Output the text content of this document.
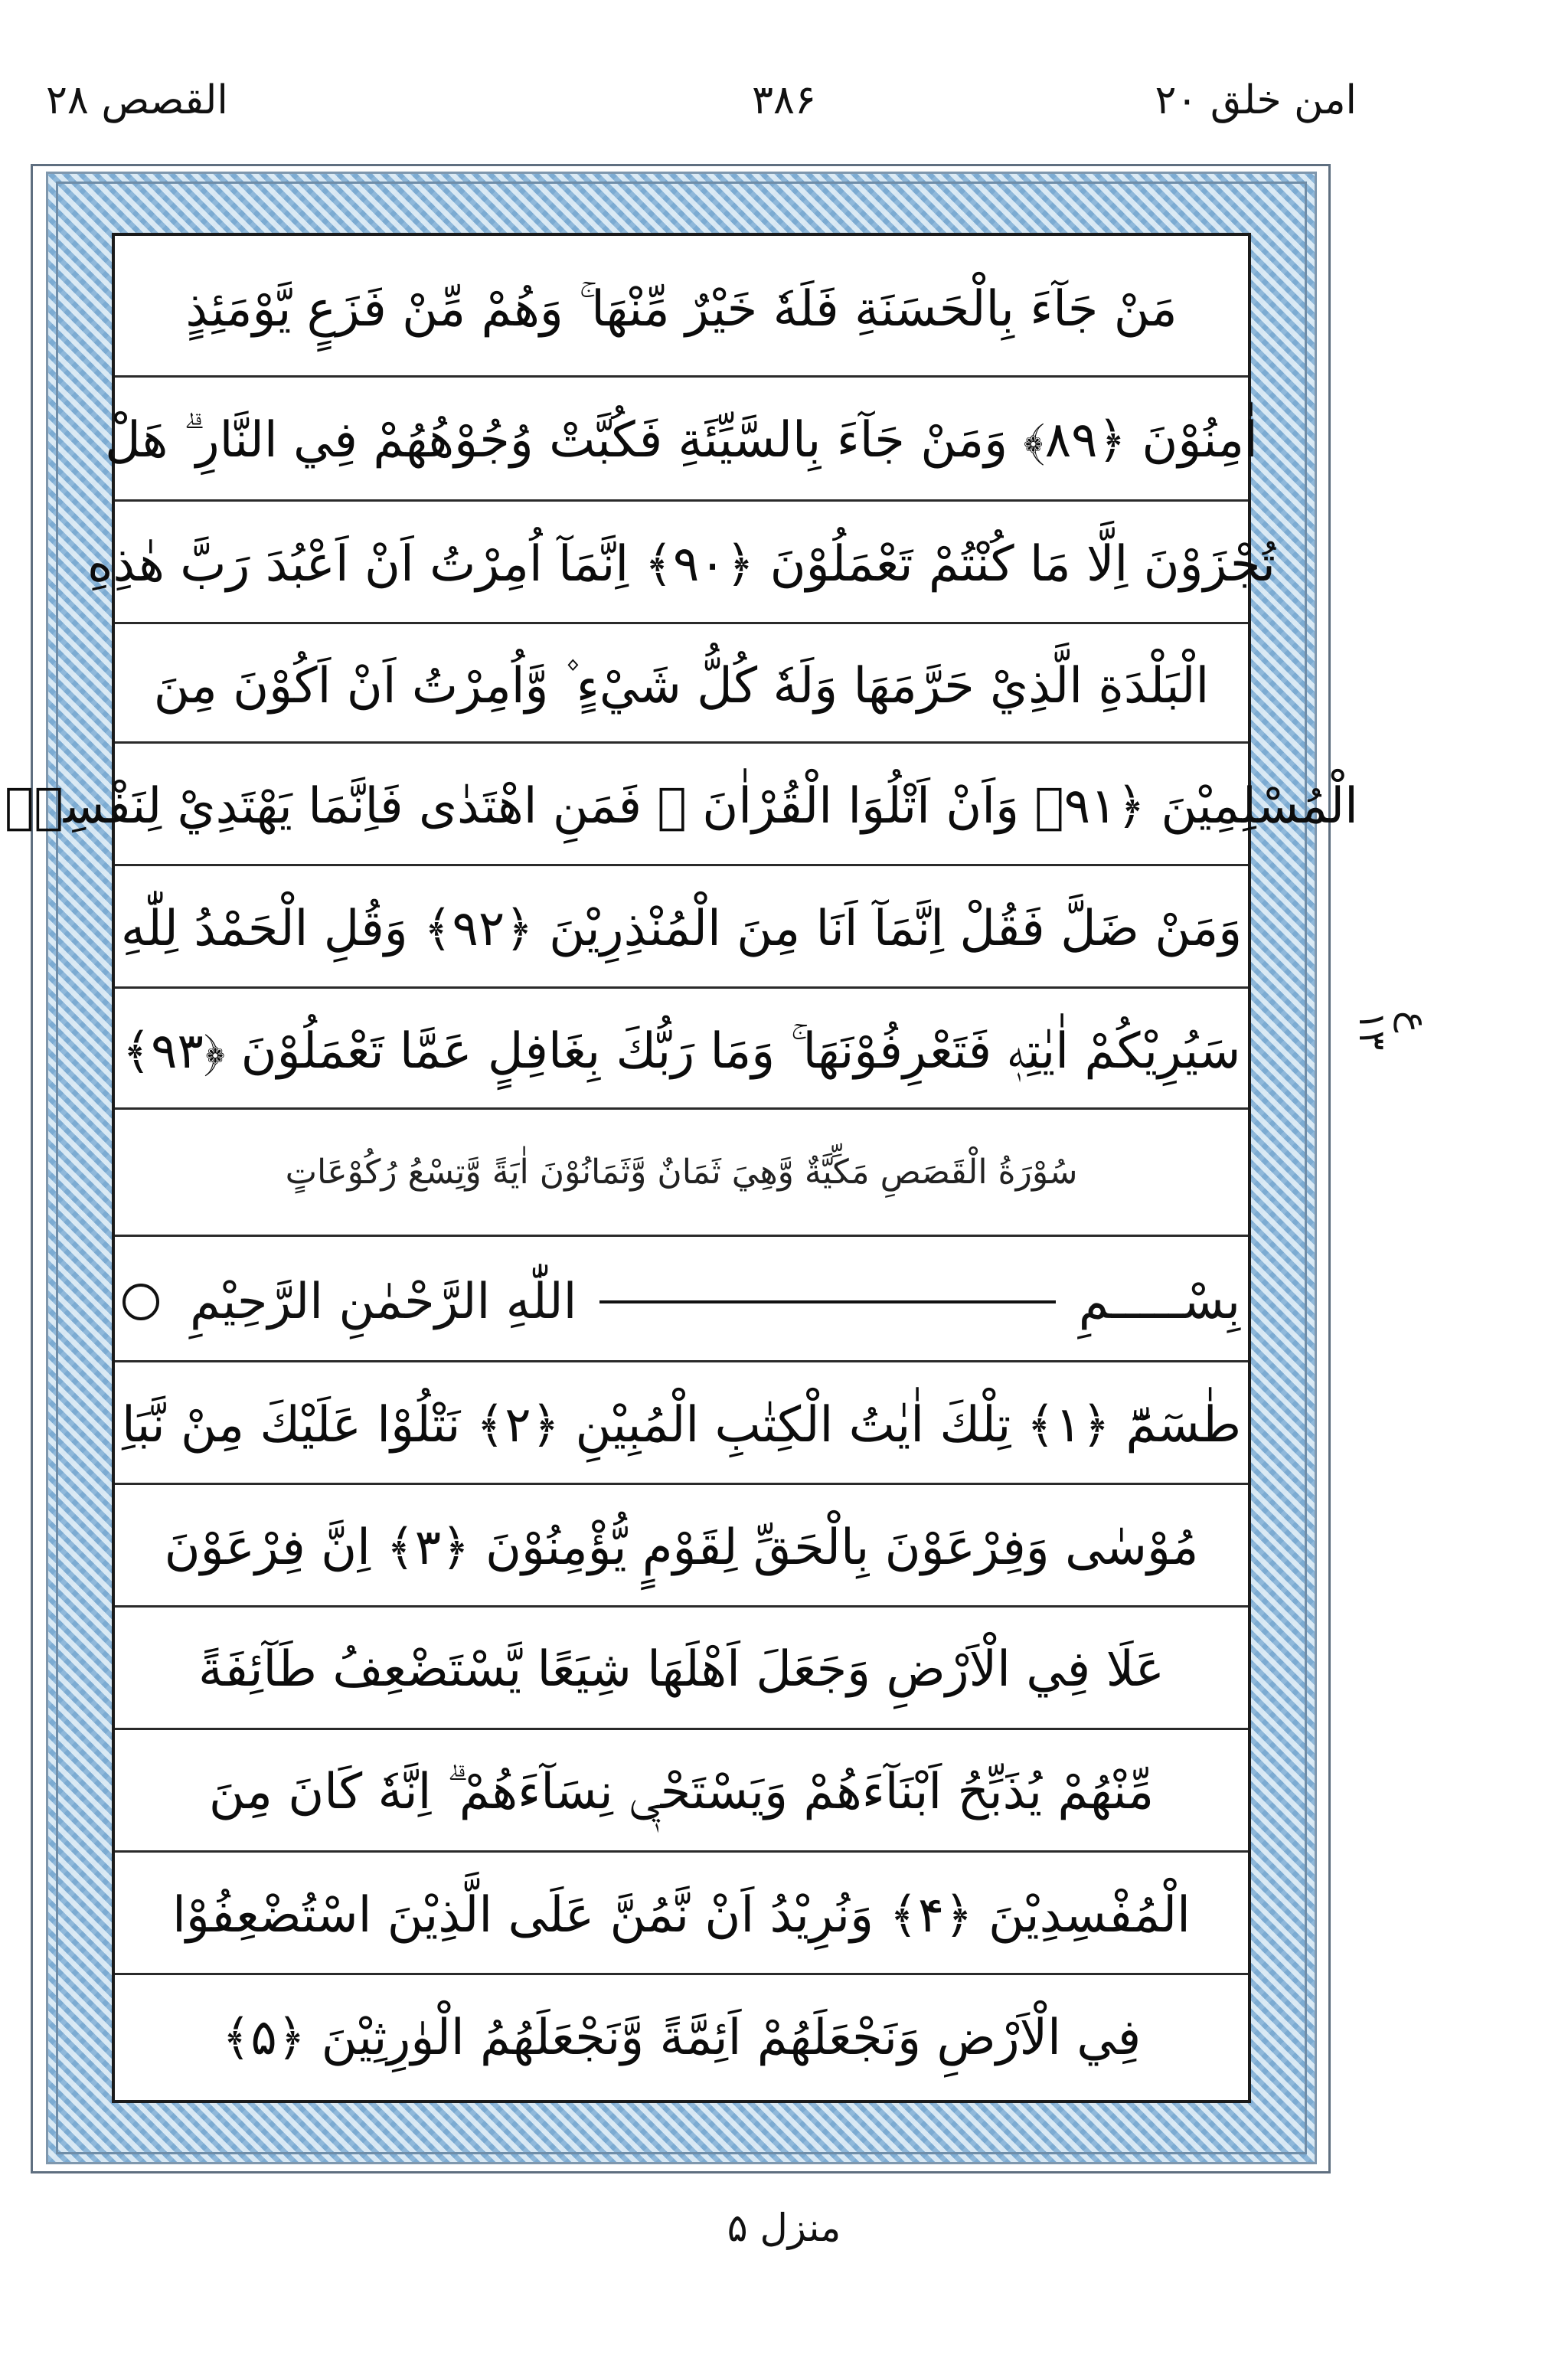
القصص ۲۸	۳۸۶	امن خلق ۲۰
مَنْ جَآءَ بِالْحَسَنَةِ فَلَهٗ خَيْرٌ مِّنْهَا ۚ وَهُمْ مِّنْ فَزَعٍ يَّوْمَئِذٍ
اٰمِنُوْنَ ﴿۸۹﴾ وَمَنْ جَآءَ بِالسَّيِّئَةِ فَكُبَّتْ وُجُوْهُهُمْ فِي النَّارِ ۗ هَلْ
تُجْزَوْنَ اِلَّا مَا كُنْتُمْ تَعْمَلُوْنَ ﴿۹۰﴾ اِنَّمَآ اُمِرْتُ اَنْ اَعْبُدَ رَبَّ هٰذِهِ
الْبَلْدَةِ الَّذِيْ حَرَّمَهَا وَلَهٗ كُلُّ شَيْءٍ ۫ وَّاُمِرْتُ اَنْ اَكُوْنَ مِنَ
الْمُسْلِمِيْنَ ﴿۹۱﴾ وَاَنْ اَتْلُوَا الْقُرْاٰنَ ۚ فَمَنِ اهْتَدٰى فَاِنَّمَا يَهْتَدِيْ لِنَفْسِهٖ
وَمَنْ ضَلَّ فَقُلْ اِنَّمَآ اَنَا مِنَ الْمُنْذِرِيْنَ ﴿۹۲﴾ وَقُلِ الْحَمْدُ لِلّٰهِ
سَيُرِيْكُمْ اٰيٰتِهٖ فَتَعْرِفُوْنَهَا ۚ وَمَا رَبُّكَ بِغَافِلٍ عَمَّا تَعْمَلُوْنَ ﴿۹۳﴾
سُوْرَةُ الْقَصَصِ مَكِّيَّةٌ وَّهِيَ ثَمَانٌ وَّثَمَانُوْنَ اٰيَةً وَّتِسْعُ رُكُوْعَاتٍ
بِسْـــــمِ
اللّٰهِ الرَّحْمٰنِ الرَّحِيْمِ
طٰسٓمّٓ ﴿۱﴾ تِلْكَ اٰيٰتُ الْكِتٰبِ الْمُبِيْنِ ﴿۲﴾ نَتْلُوْا عَلَيْكَ مِنْ نَّبَاِ
مُوْسٰى وَفِرْعَوْنَ بِالْحَقِّ لِقَوْمٍ يُّؤْمِنُوْنَ ﴿۳﴾ اِنَّ فِرْعَوْنَ
عَلَا فِي الْاَرْضِ وَجَعَلَ اَهْلَهَا شِيَعًا يَّسْتَضْعِفُ طَآئِفَةً
مِّنْهُمْ يُذَبِّحُ اَبْنَآءَهُمْ وَيَسْتَحْيٖ نِسَآءَهُمْ ۗ اِنَّهٗ كَانَ مِنَ
الْمُفْسِدِيْنَ ﴿۴﴾ وَنُرِيْدُ اَنْ نَّمُنَّ عَلَى الَّذِيْنَ اسْتُضْعِفُوْا
فِي الْاَرْضِ وَنَجْعَلَهُمْ اَئِمَّةً وَّنَجْعَلَهُمُ الْوٰرِثِيْنَ ﴿۵﴾
ع ۱۳
منزل ۵
